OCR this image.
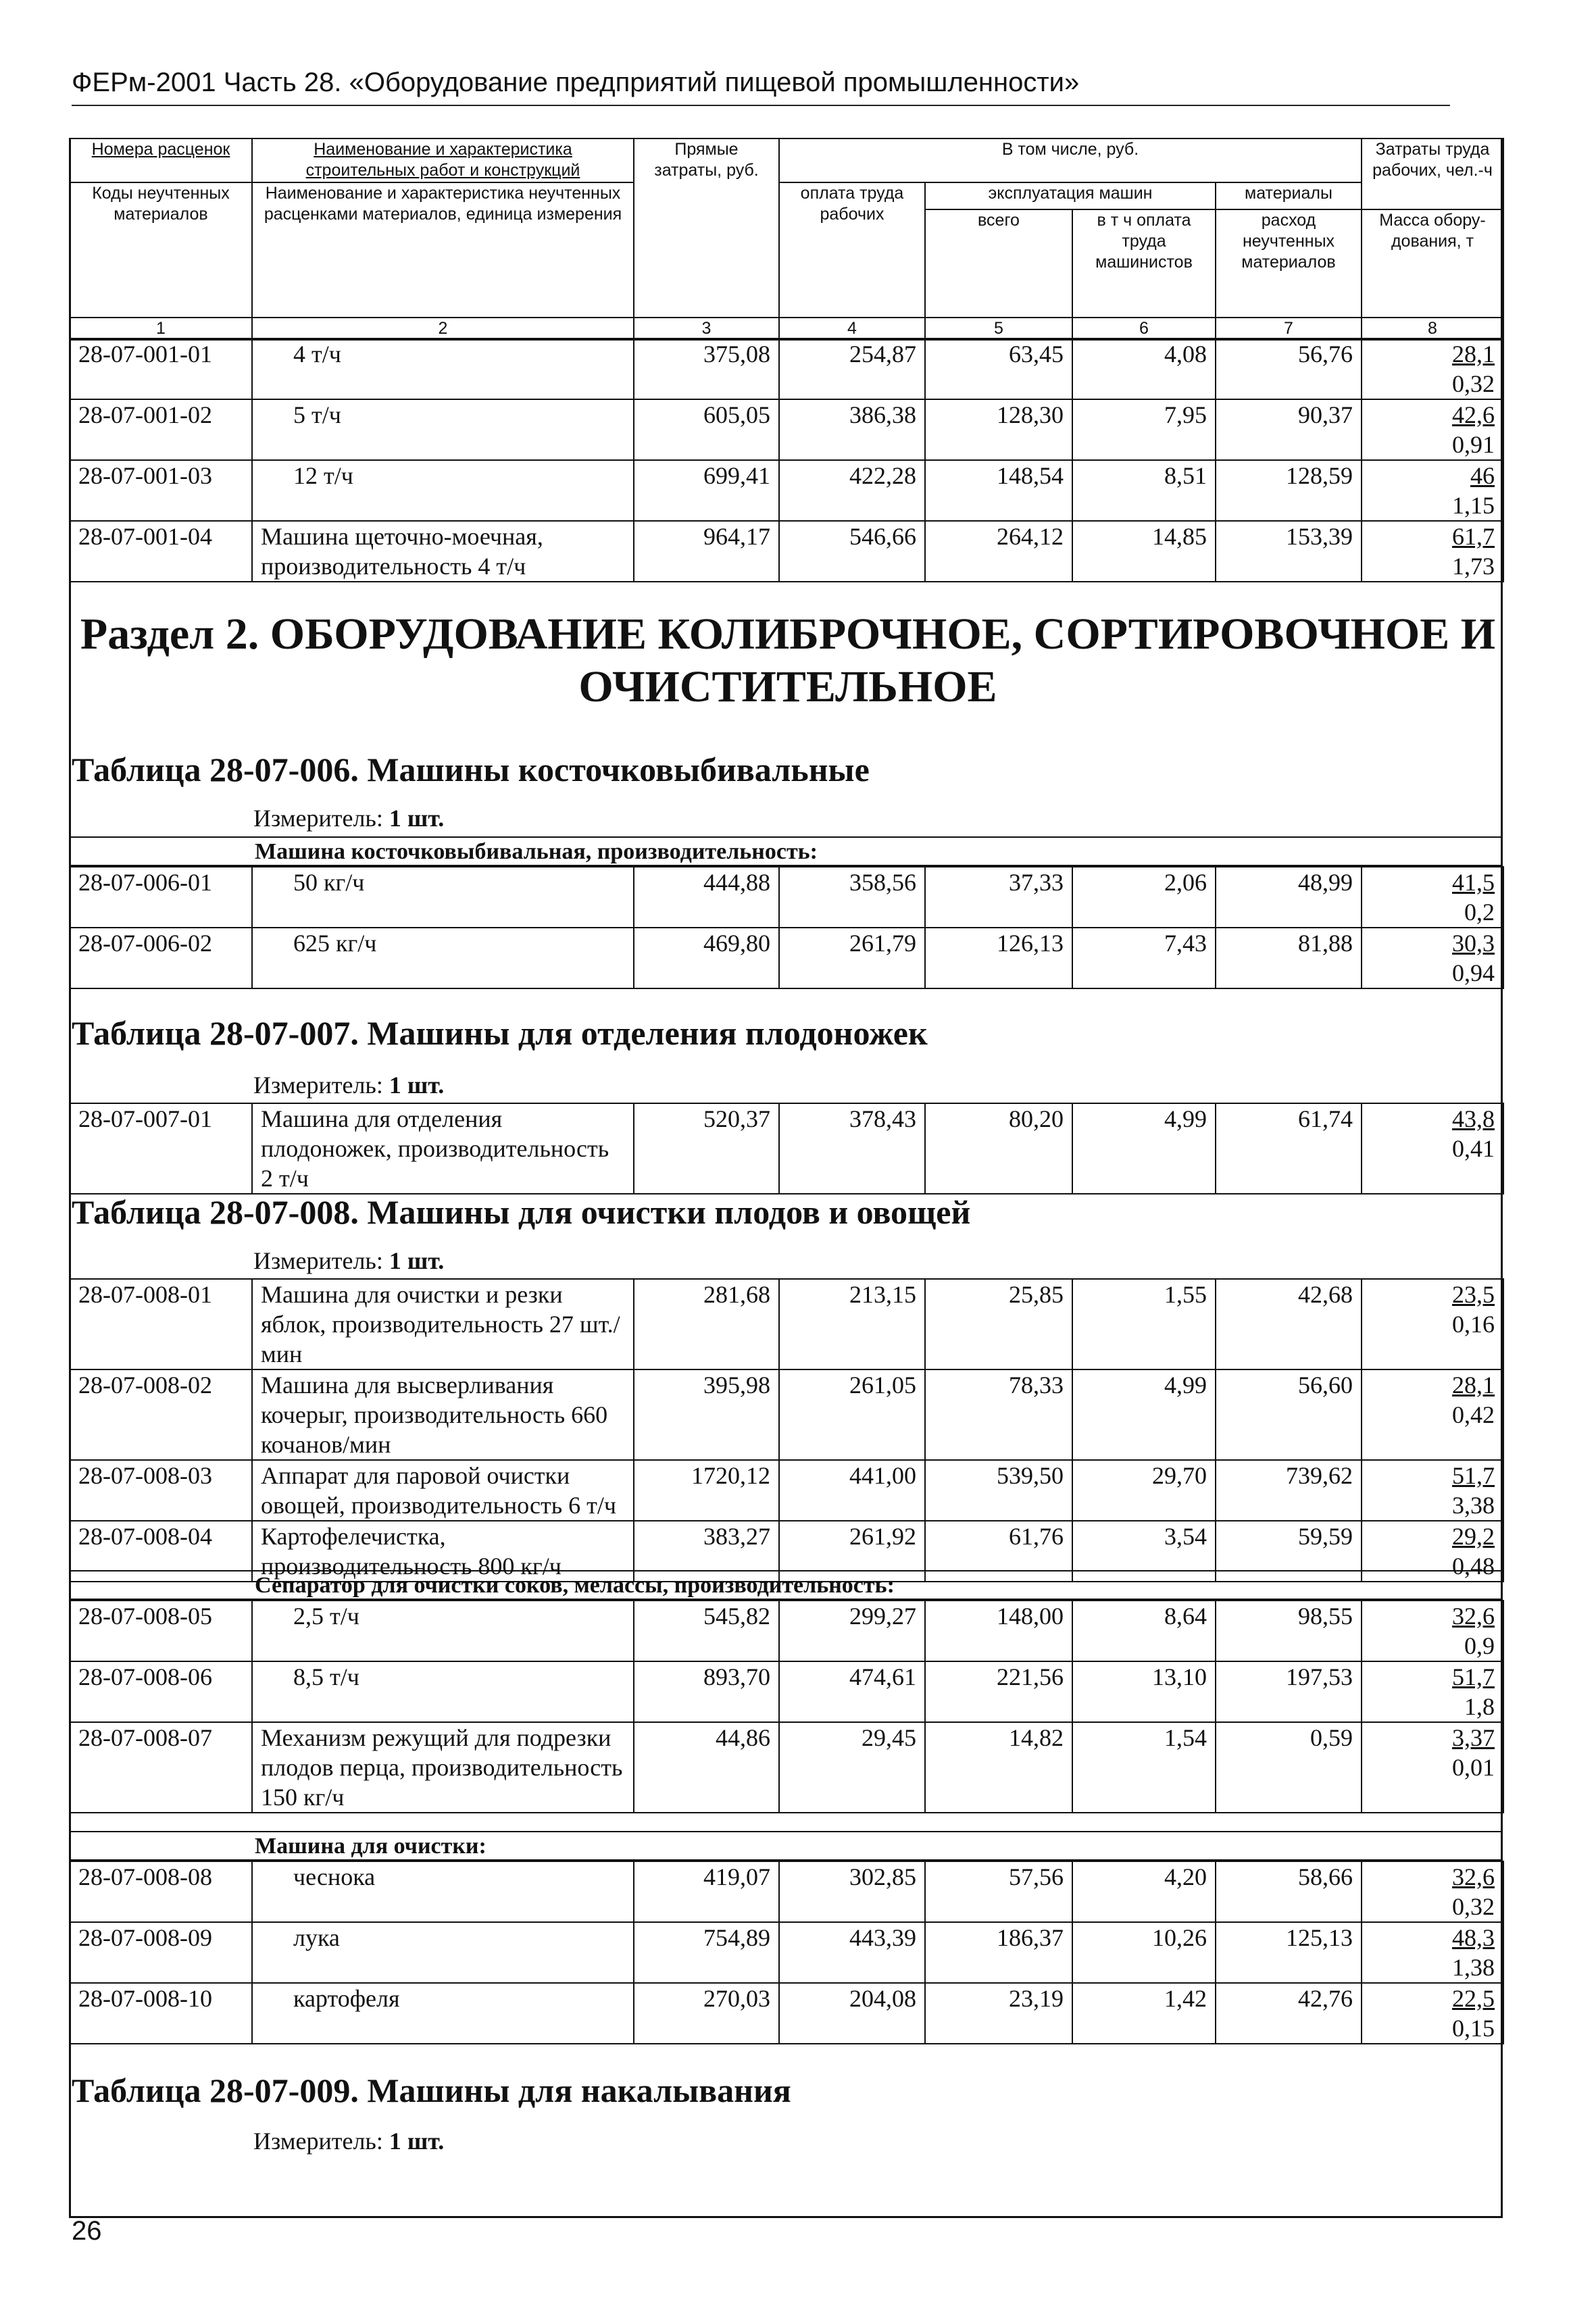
ФЕРм-2001 Часть 28. «Оборудование предприятий пищевой промышленности»
Номера расценок	Наименование и характеристика строительных работ и конструкций	Прямые затраты, руб.	В том числе, руб.				Затраты труда рабочих, чел.-ч
Коды неучтенных материалов	Наименование и характеристика неучтенных расценками материалов, единица измерения		оплата труда рабочих	эксплуатация машин		материалы	
				всего	в т ч оплата труда машинистов	расход неучтенных материалов	Масса обору-дования, т
1	2	3	4	5	6	7	8
28-07-001-01	4 т/ч	375,08	254,87	63,45	4,08	56,76	28,1
0,32

28-07-001-02	5 т/ч	605,05	386,38	128,30	7,95	90,37	42,6
0,91

28-07-001-03	12 т/ч	699,41	422,28	148,54	8,51	128,59	46
1,15

28-07-001-04	Машина щеточно-моечная, производительность 4 т/ч	964,17	546,66	264,12	14,85	153,39	61,7
1,73
Раздел 2. ОБОРУДОВАНИЕ КОЛИБРОЧНОЕ, СОРТИРОВОЧНОЕ И ОЧИСТИТЕЛЬНОЕ
Таблица 28-07-006. Машины косточковыбивальные
Измеритель: 1 шт.
Машина косточковыбивальная, производительность:
28-07-006-01	50 кг/ч	444,88	358,56	37,33	2,06	48,99	41,5
0,2

28-07-006-02	625 кг/ч	469,80	261,79	126,13	7,43	81,88	30,3
0,94
Таблица 28-07-007. Машины для отделения плодоножек
Измеритель: 1 шт.
28-07-007-01	Машина для отделения плодоножек, производительность 2 т/ч	520,37	378,43	80,20	4,99	61,74	43,8
0,41
Таблица 28-07-008. Машины для очистки плодов и овощей
Измеритель: 1 шт.
28-07-008-01	Машина для очистки и резки яблок, производительность 27 шт./мин	281,68	213,15	25,85	1,55	42,68	23,5
0,16

28-07-008-02	Машина для высверливания кочерыг, производительность 660 кочанов/мин	395,98	261,05	78,33	4,99	56,60	28,1
0,42

28-07-008-03	Аппарат для паровой очистки овощей, производительность 6 т/ч	1720,12	441,00	539,50	29,70	739,62	51,7
3,38

28-07-008-04	Картофелечистка, производительность 800 кг/ч	383,27	261,92	61,76	3,54	59,59	29,2
0,48
Сепаратор для очистки соков, мелассы, производительность:
28-07-008-05	2,5 т/ч	545,82	299,27	148,00	8,64	98,55	32,6
0,9

28-07-008-06	8,5 т/ч	893,70	474,61	221,56	13,10	197,53	51,7
1,8

28-07-008-07	Механизм режущий для подрезки плодов перца, производительность 150 кг/ч	44,86	29,45	14,82	1,54	0,59	3,37
0,01
Машина для очистки:
28-07-008-08	чеснока	419,07	302,85	57,56	4,20	58,66	32,6
0,32

28-07-008-09	лука	754,89	443,39	186,37	10,26	125,13	48,3
1,38

28-07-008-10	картофеля	270,03	204,08	23,19	1,42	42,76	22,5
0,15
Таблица 28-07-009. Машины для накалывания
Измеритель: 1 шт.
26
